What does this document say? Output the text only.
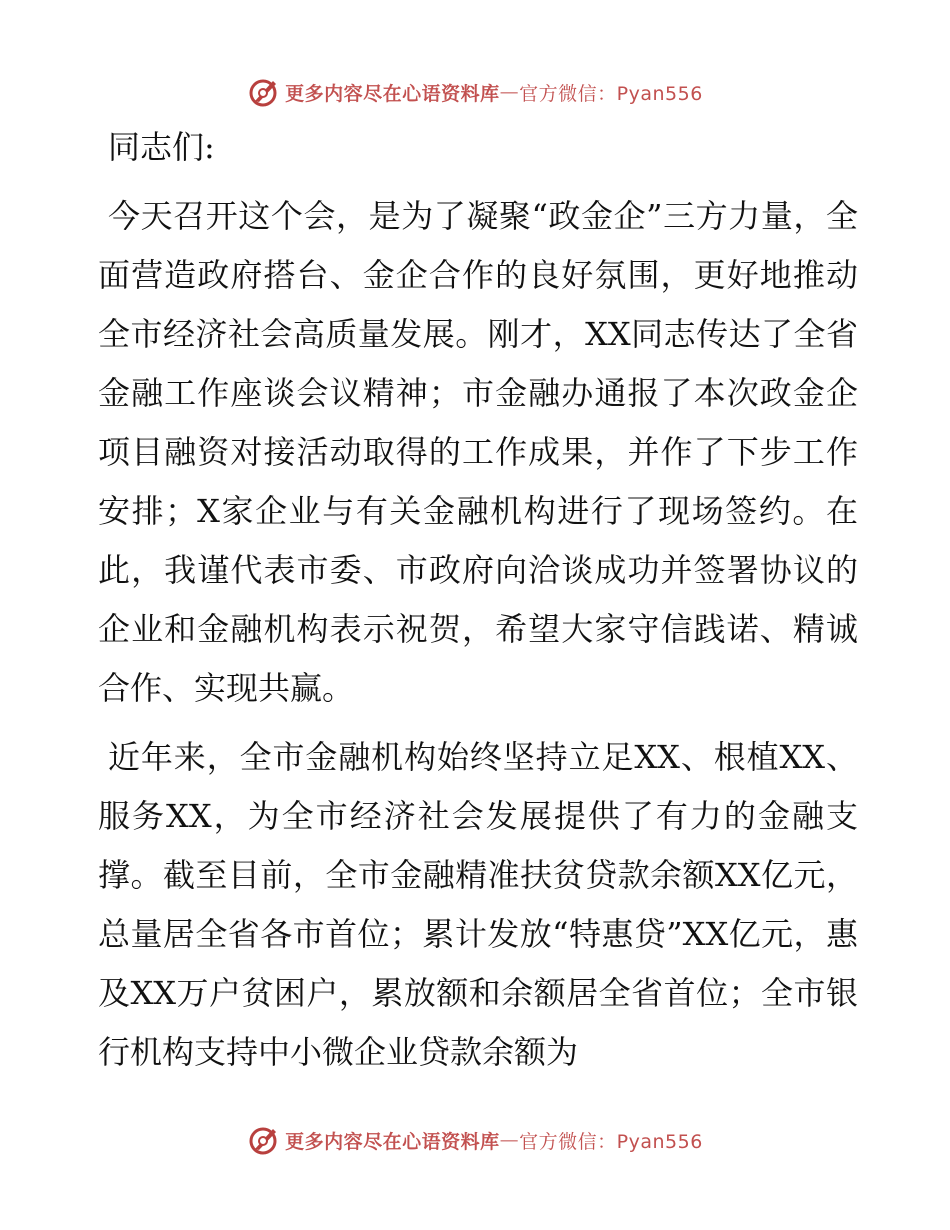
更多内容尽在心语资料库 — 官方微信：Pyan556

同志们:

今天召开这个会，是为了凝聚“政金企”三方力量，全面营造政府搭台、金企合作的良好氛围，更好地推动全市经济社会高质量发展。刚才，XX同志传达了全省金融工作座谈会议精神；市金融办通报了本次政金企项目融资对接活动取得的工作成果，并作了下步工作安排；X家企业与有关金融机构进行了现场签约。在此，我谨代表市委、市政府向洽谈成功并签署协议的企业和金融机构表示祝贺，希望大家守信践诺、精诚合作、实现共赢。

近年来，全市金融机构始终坚持立足XX、根植XX、服务XX，为全市经济社会发展提供了有力的金融支撑。截至目前，全市金融精准扶贫贷款余额XX亿元，总量居全省各市首位；累计发放“特惠贷”XX亿元，惠及XX万户贫困户，累放额和余额居全省首位；全市银行机构支持中小微企业贷款余额为

更多内容尽在心语资料库 — 官方微信：Pyan556
